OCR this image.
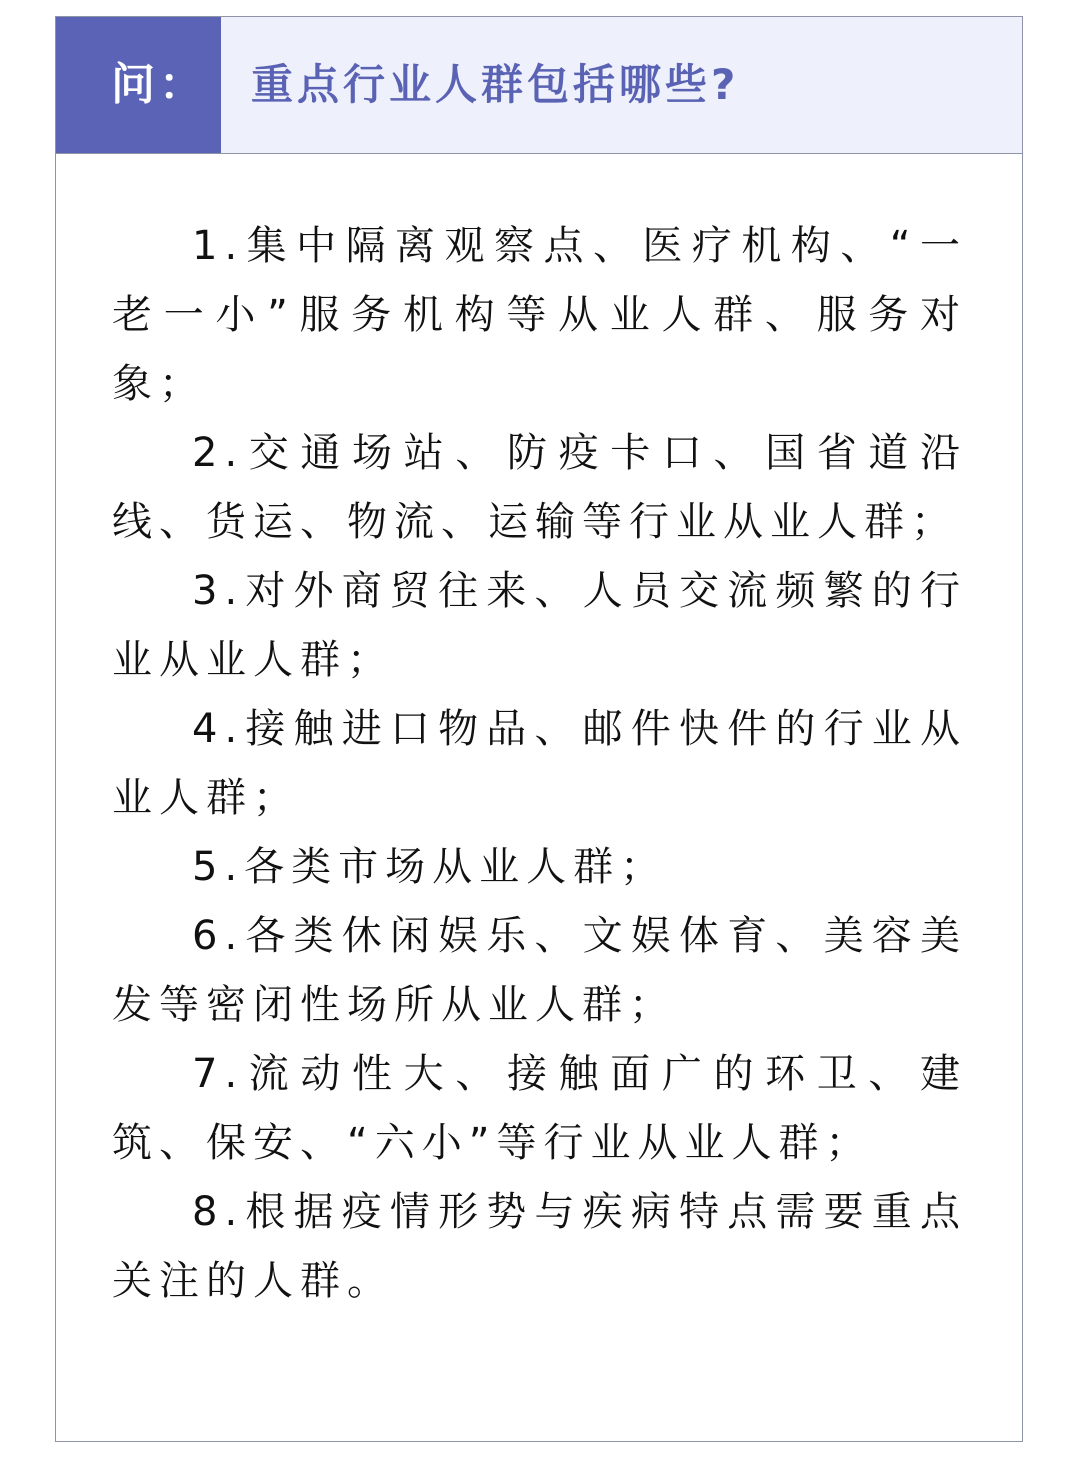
问：	重点行业人群包括哪些?

1.集中隔离观察点、医疗机构、“一老一小”服务机构等从业人群、服务对象；

2.交通场站、防疫卡口、国省道沿线、货运、物流、运输等行业从业人群；

3.对外商贸往来、人员交流频繁的行业从业人群；

4.接触进口物品、邮件快件的行业从业人群；

5.各类市场从业人群；

6.各类休闲娱乐、文娱体育、美容美发等密闭性场所从业人群；

7.流动性大、接触面广的环卫、建筑、保安、“六小”等行业从业人群；

8.根据疫情形势与疾病特点需要重点关注的人群。
